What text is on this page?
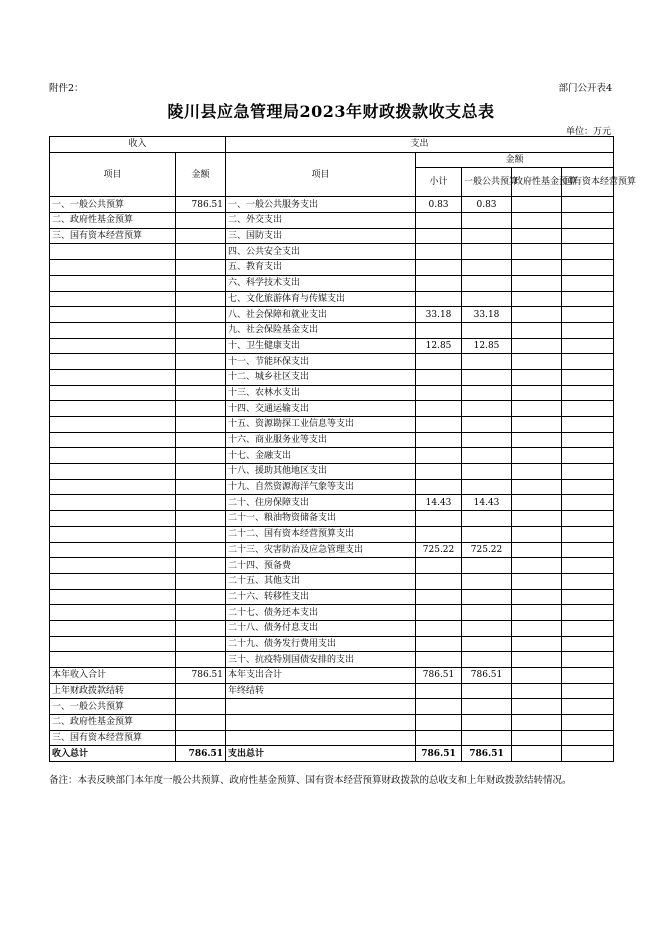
附件2：	部门公开表4
陵川县应急管理局2023年财政拨款收支总表
单位：万元
收入		支出				
项目	金额	项目	金额			
			小计	一般公共预算	政府性基金预算	国有资本经营预算
一、一般公共预算	786.51	一、一般公共服务支出	0.83	0.83		
二、政府性基金预算		二、外交支出				
三、国有资本经营预算		三、国防支出				
		四、公共安全支出				
		五、教育支出				
		六、科学技术支出				
		七、文化旅游体育与传媒支出				
		八、社会保障和就业支出	33.18	33.18		
		九、社会保险基金支出				
		十、卫生健康支出	12.85	12.85		
		十一、节能环保支出				
		十二、城乡社区支出				
		十三、农林水支出				
		十四、交通运输支出				
		十五、资源勘探工业信息等支出				
		十六、商业服务业等支出				
		十七、金融支出				
		十八、援助其他地区支出				
		十九、自然资源海洋气象等支出				
		二十、住房保障支出	14.43	14.43		
		二十一、粮油物资储备支出				
		二十二、国有资本经营预算支出				
		二十三、灾害防治及应急管理支出	725.22	725.22		
		二十四、预备费				
		二十五、其他支出				
		二十六、转移性支出				
		二十七、债务还本支出				
		二十八、债务付息支出				
		二十九、债务发行费用支出				
		三十、抗疫特别国债安排的支出				
本年收入合计	786.51	本年支出合计	786.51	786.51		
上年财政拨款结转		年终结转				
一、一般公共预算						
二、政府性基金预算						
三、国有资本经营预算						
收入总计	786.51	支出总计	786.51	786.51		
备注：本表反映部门本年度一般公共预算、政府性基金预算、国有资本经营预算财政拨款的总收支和上年财政拨款结转情况。
